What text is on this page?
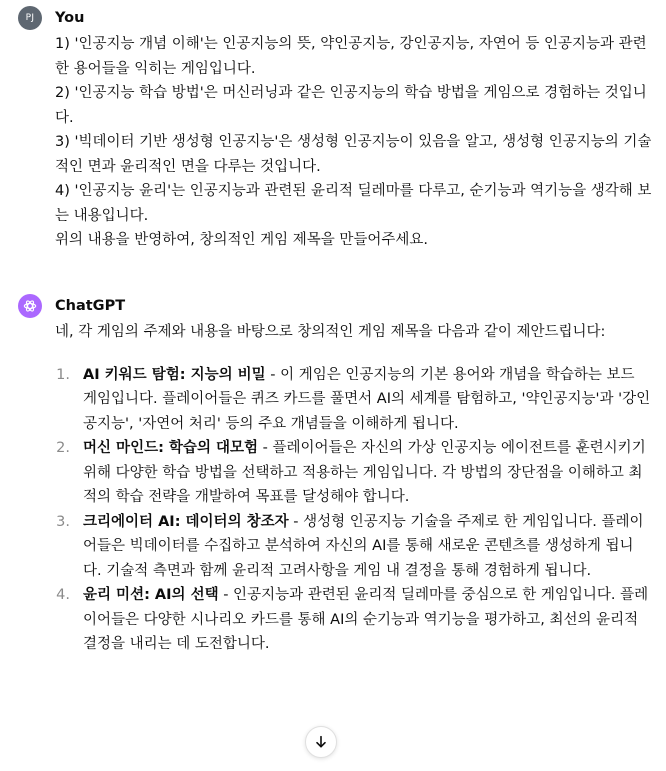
PJ You

1) '인공지능 개념 이해'는 인공지능의 뜻, 약인공지능, 강인공지능, 자연어 등 인공지능과 관련한 용어들을 익히는 게임입니다.

2) '인공지능 학습 방법'은 머신러닝과 같은 인공지능의 학습 방법을 게임으로 경험하는 것입니다.

3) '빅데이터 기반 생성형 인공지능'은 생성형 인공지능이 있음을 알고, 생성형 인공지능의 기술적인 면과 윤리적인 면을 다루는 것입니다.

4) '인공지능 윤리'는 인공지능과 관련된 윤리적 딜레마를 다루고, 순기능과 역기능을 생각해 보는 내용입니다.

위의 내용을 반영하여, 창의적인 게임 제목을 만들어주세요.

ChatGPT

네, 각 게임의 주제와 내용을 바탕으로 창의적인 게임 제목을 다음과 같이 제안드립니다:

1. AI 키워드 탐험: 지능의 비밀 - 이 게임은 인공지능의 기본 용어와 개념을 학습하는 보드 게임입니다. 플레이어들은 퀴즈 카드를 풀면서 AI의 세계를 탐험하고, '약인공지능'과 '강인공지능', '자연어 처리' 등의 주요 개념들을 이해하게 됩니다.
2. 머신 마인드: 학습의 대모험 - 플레이어들은 자신의 가상 인공지능 에이전트를 훈련시키기 위해 다양한 학습 방법을 선택하고 적용하는 게임입니다. 각 방법의 장단점을 이해하고 최적의 학습 전략을 개발하여 목표를 달성해야 합니다.
3. 크리에이터 AI: 데이터의 창조자 - 생성형 인공지능 기술을 주제로 한 게임입니다. 플레이어들은 빅데이터를 수집하고 분석하여 자신의 AI를 통해 새로운 콘텐츠를 생성하게 됩니다. 기술적 측면과 함께 윤리적 고려사항을 게임 내 결정을 통해 경험하게 됩니다.
4. 윤리 미션: AI의 선택 - 인공지능과 관련된 윤리적 딜레마를 중심으로 한 게임입니다. 플레이어들은 다양한 시나리오 카드를 통해 AI의 순기능과 역기능을 평가하고, 최선의 윤리적 결정을 내리는 데 도전합니다.
